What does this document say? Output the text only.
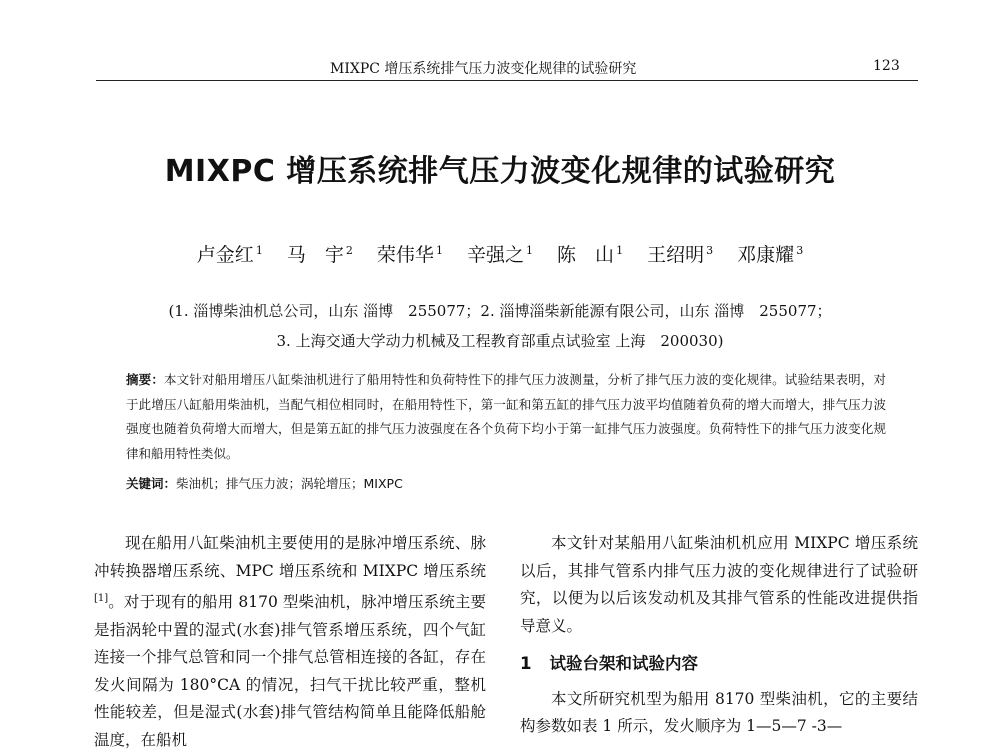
MIXPC 增压系统排气压力波变化规律的试验研究	123
MIXPC 增压系统排气压力波变化规律的试验研究
卢金红 $^1$ 马　宇 $^2$ 荣伟华 $^1$ 辛强之 $^1$ 陈　山 $^1$ 王绍明 $^3$ 邓康耀 $^3$
(1. 淄博柴油机总公司，山东 淄博　255077；2. 淄博淄柴新能源有限公司，山东 淄博　255077；
3. 上海交通大学动力机械及工程教育部重点试验室 上海　200030)
摘要：本文针对船用增压八缸柴油机进行了船用特性和负荷特性下的排气压力波测量，分析了排气压力波的变化规律。试验结果表明，对于此增压八缸船用柴油机，当配气相位相同时，在船用特性下，第一缸和第五缸的排气压力波平均值随着负荷的增大而增大，排气压力波强度也随着负荷增大而增大，但是第五缸的排气压力波强度在各个负荷下均小于第一缸排气压力波强度。负荷特性下的排气压力波变化规律和船用特性类似。
关键词：柴油机；排气压力波；涡轮增压；MIXPC

现在船用八缸柴油机主要使用的是脉冲增压系统、脉冲转换器增压系统、MPC 增压系统和 MIXPC 增压系统[1]。对于现有的船用 8170 型柴油机，脉冲增压系统主要是指涡轮中置的湿式(水套)排气管系增压系统，四个气缸连接一个排气总管和同一个排气总管相连接的各缸，存在发火间隔为 180°CA 的情况，扫气干扰比较严重，整机性能较差，但是湿式(水套)排气管结构简单且能降低船舱温度，在船机

本文针对某船用八缸柴油机机应用 MIXPC 增压系统以后，其排气管系内排气压力波的变化规律进行了试验研究，以便为以后该发动机及其排气管系的性能改进提供指导意义。

1 试验台架和试验内容

本文所研究机型为船用 8170 型柴油机，它的主要结构参数如表 1 所示，发火顺序为 1—5—7 -3—
